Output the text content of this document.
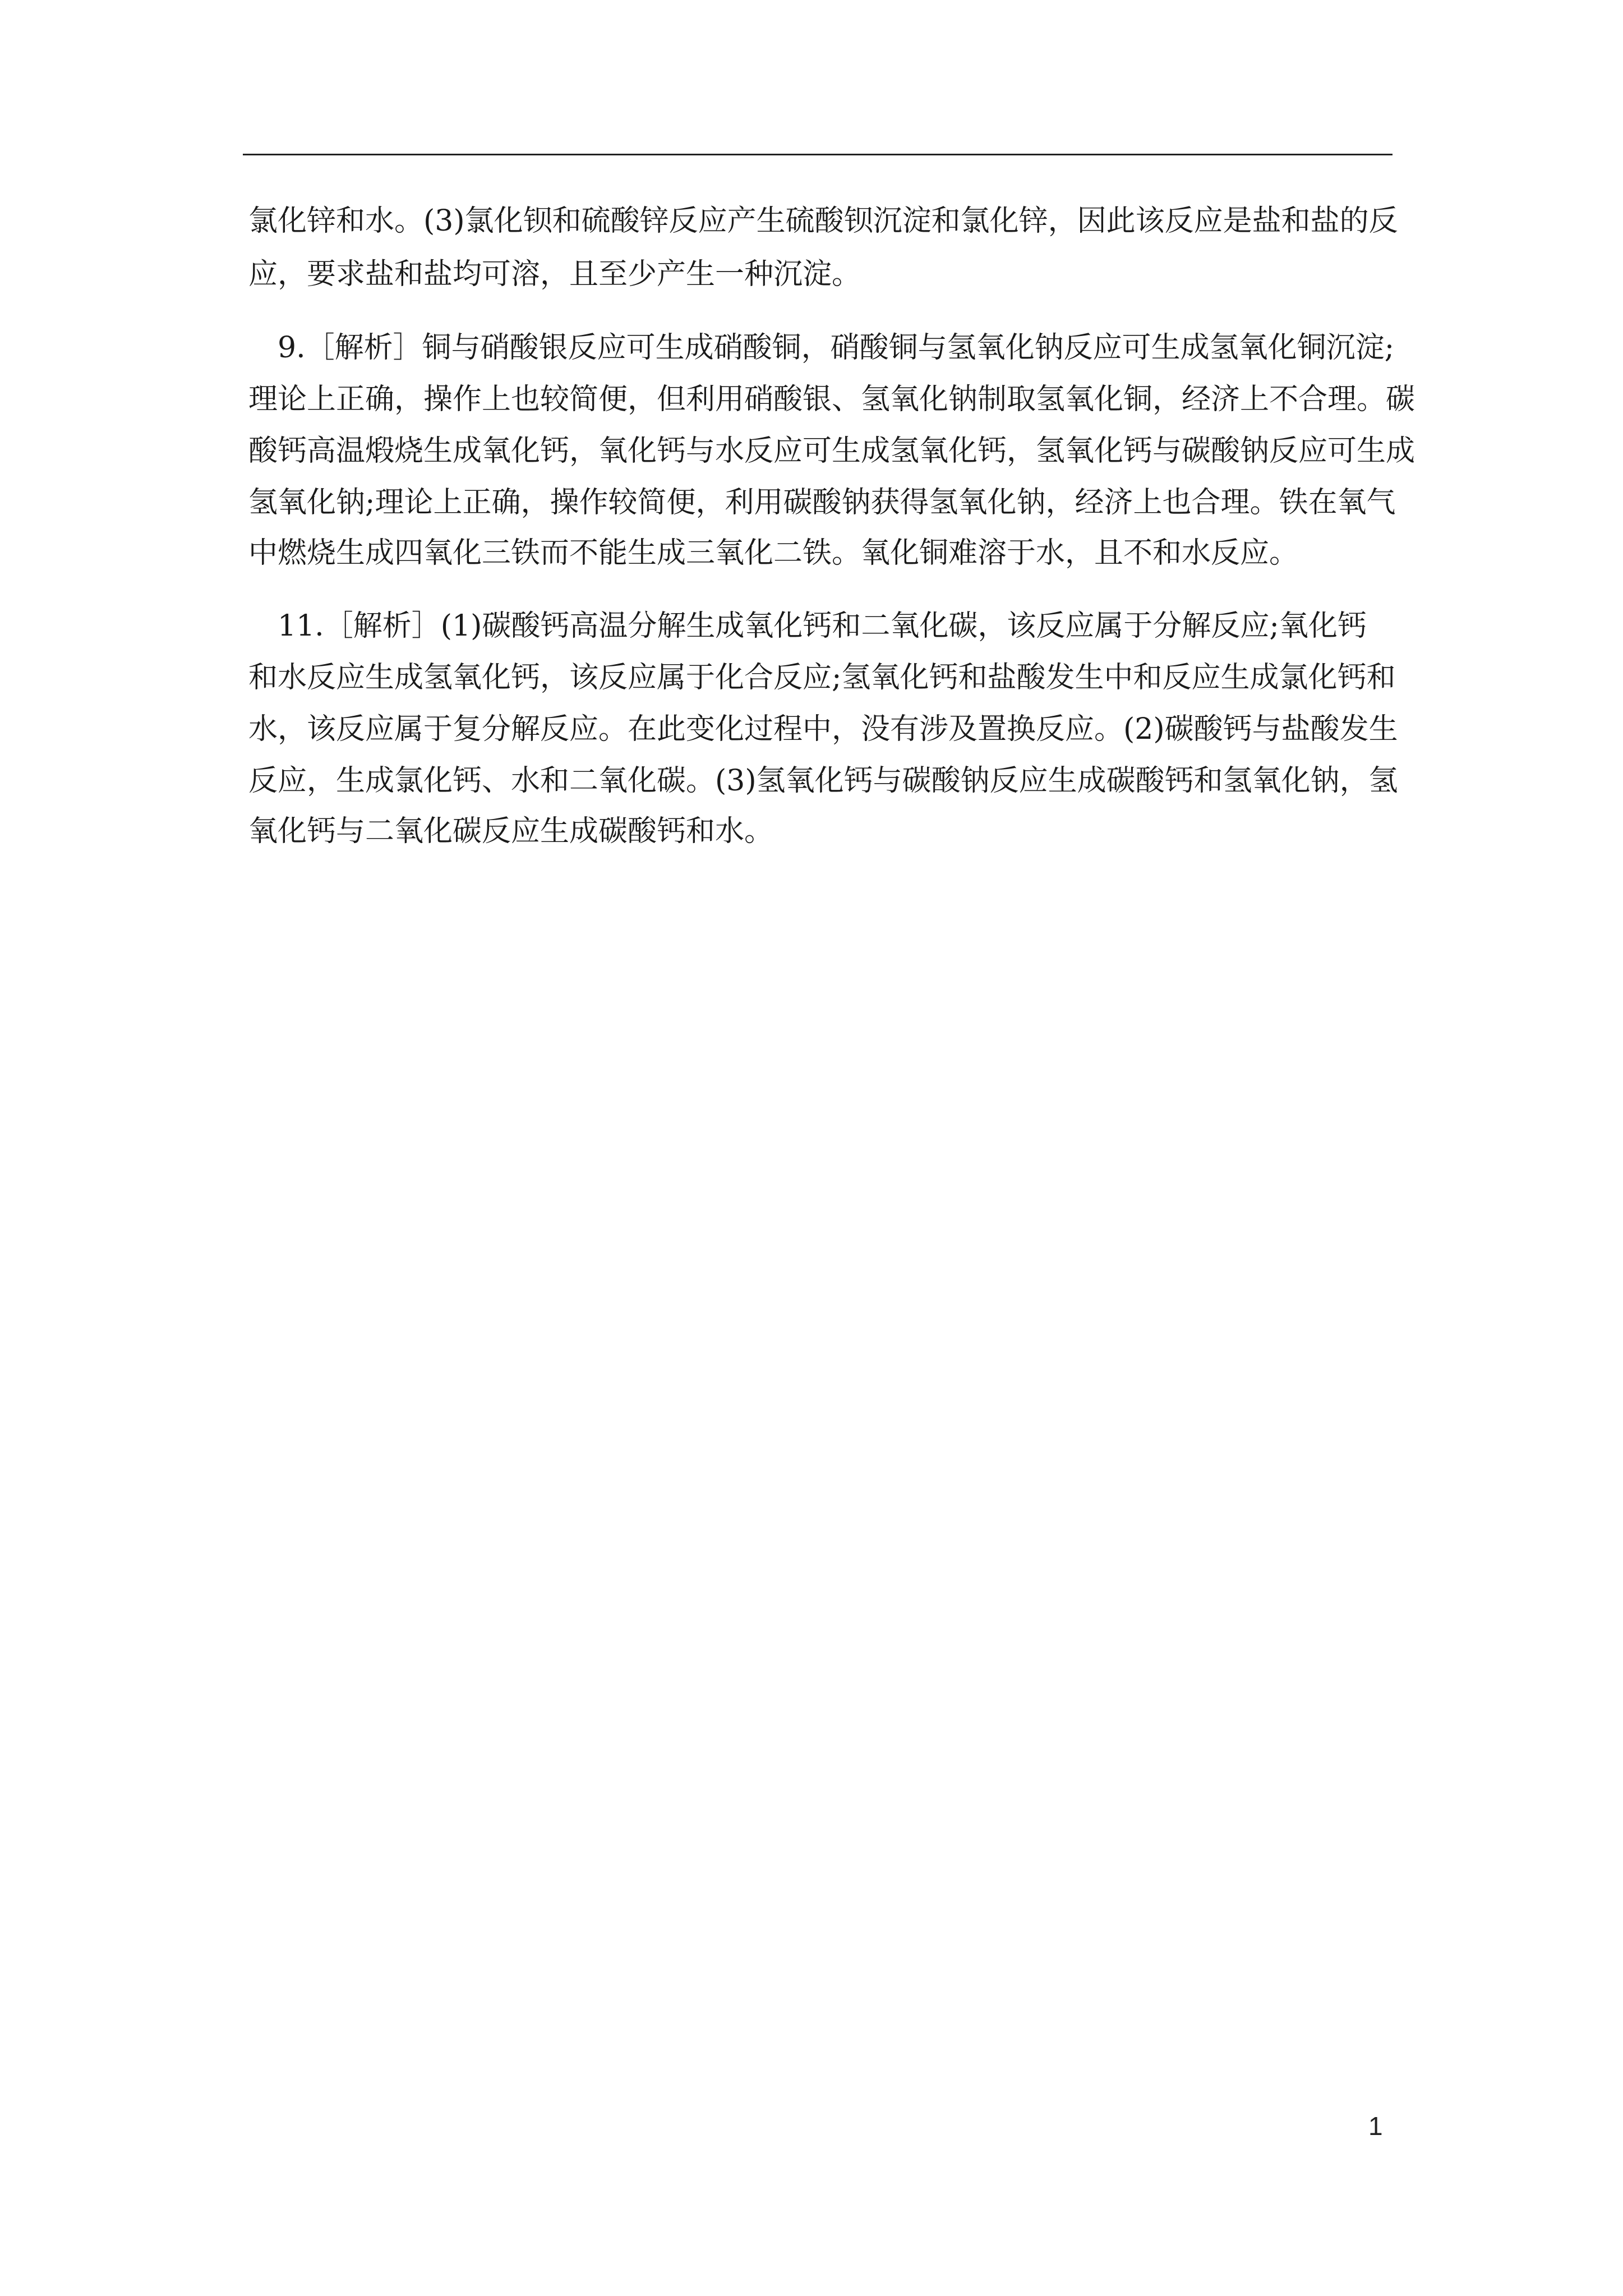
氯化锌和水。(3)氯化钡和硫酸锌反应产生硫酸钡沉淀和氯化锌，因此该反应是盐和盐的反
应，要求盐和盐均可溶，且至少产生一种沉淀。
　9.［解析］铜与硝酸银反应可生成硝酸铜，硝酸铜与氢氧化钠反应可生成氢氧化铜沉淀;
理论上正确，操作上也较简便，但利用硝酸银、氢氧化钠制取氢氧化铜，经济上不合理。碳
酸钙高温煅烧生成氧化钙，氧化钙与水反应可生成氢氧化钙，氢氧化钙与碳酸钠反应可生成
氢氧化钠;理论上正确，操作较简便，利用碳酸钠获得氢氧化钠，经济上也合理。铁在氧气
中燃烧生成四氧化三铁而不能生成三氧化二铁。氧化铜难溶于水，且不和水反应。
　11.［解析］(1)碳酸钙高温分解生成氧化钙和二氧化碳，该反应属于分解反应;氧化钙
和水反应生成氢氧化钙，该反应属于化合反应;氢氧化钙和盐酸发生中和反应生成氯化钙和
水，该反应属于复分解反应。在此变化过程中，没有涉及置换反应。(2)碳酸钙与盐酸发生
反应，生成氯化钙、水和二氧化碳。(3)氢氧化钙与碳酸钠反应生成碳酸钙和氢氧化钠，氢
氧化钙与二氧化碳反应生成碳酸钙和水。
1
